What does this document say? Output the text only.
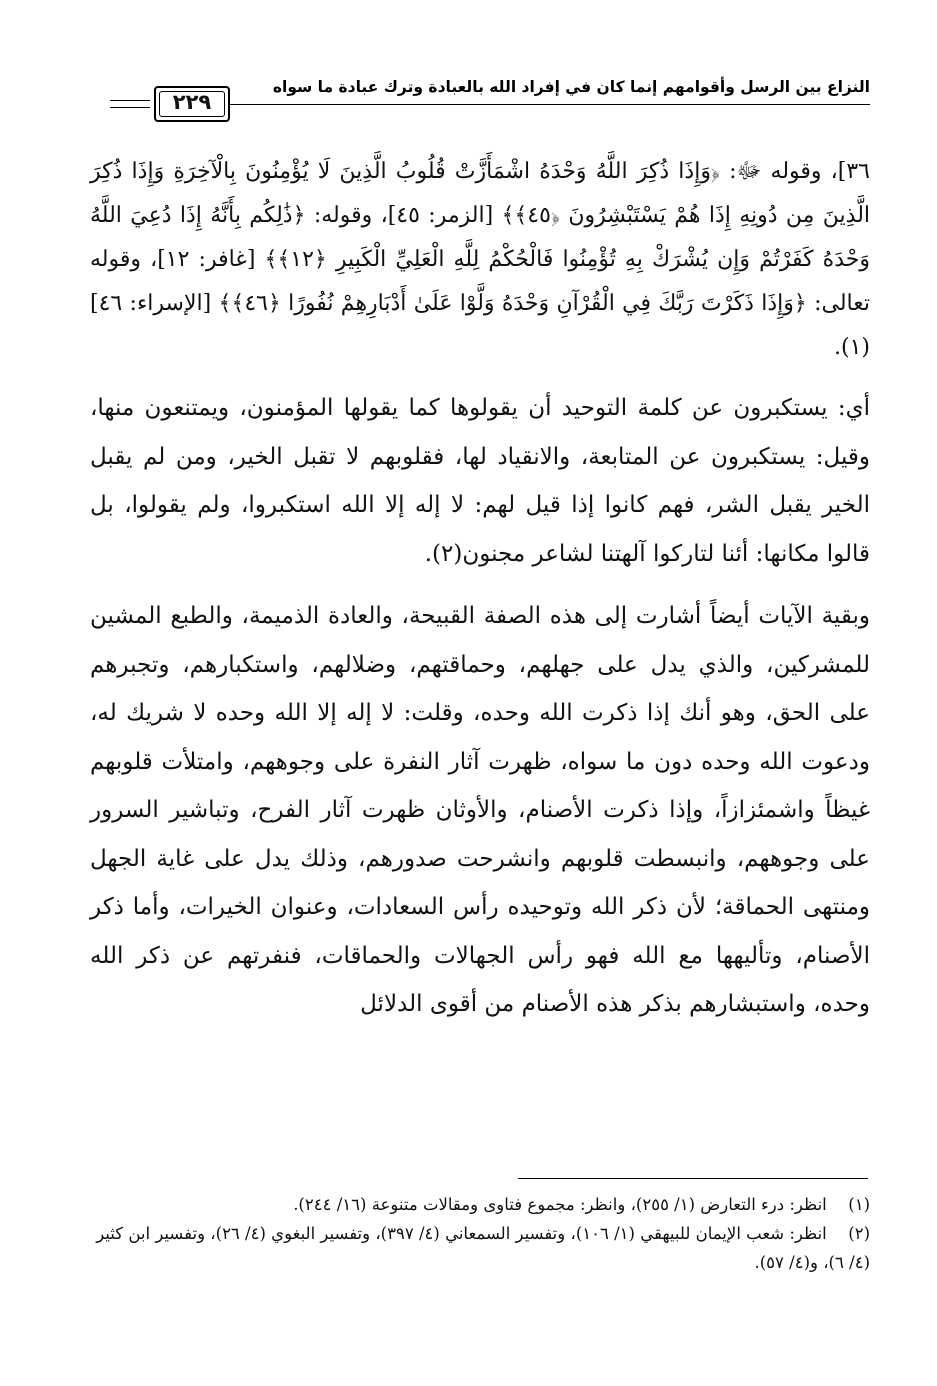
النزاع بين الرسل وأقوامهم إنما كان في إفراد الله بالعبادة وترك عبادة ما سواه
٢٢٩

٣٦]، وقوله ﷻ: ﴿وَإِذَا ذُكِرَ اللَّهُ وَحْدَهُ اشْمَأَزَّتْ قُلُوبُ الَّذِينَ لَا يُؤْمِنُونَ بِالْآخِرَةِ وَإِذَا ذُكِرَ الَّذِينَ مِن دُونِهِ إِذَا هُمْ يَسْتَبْشِرُونَ ﴿٤٥﴾﴾ [الزمر: ٤٥]، وقوله: ﴿ذَٰلِكُم بِأَنَّهُ إِذَا دُعِيَ اللَّهُ وَحْدَهُ كَفَرْتُمْ وَإِن يُشْرَكْ بِهِ تُؤْمِنُوا فَالْحُكْمُ لِلَّهِ الْعَلِيِّ الْكَبِيرِ ﴿١٢﴾﴾ [غافر: ١٢]، وقوله تعالى: ﴿وَإِذَا ذَكَرْتَ رَبَّكَ فِي الْقُرْآنِ وَحْدَهُ وَلَّوْا عَلَىٰ أَدْبَارِهِمْ نُفُورًا ﴿٤٦﴾﴾ [الإسراء: ٤٦](١).

أي: يستكبرون عن كلمة التوحيد أن يقولوها كما يقولها المؤمنون، ويمتنعون منها، وقيل: يستكبرون عن المتابعة، والانقياد لها، فقلوبهم لا تقبل الخير، ومن لم يقبل الخير يقبل الشر، فهم كانوا إذا قيل لهم: لا إله إلا الله استكبروا، ولم يقولوا، بل قالوا مكانها: أئنا لتاركوا آلهتنا لشاعر مجنون(٢).

وبقية الآيات أيضاً أشارت إلى هذه الصفة القبيحة، والعادة الذميمة، والطبع المشين للمشركين، والذي يدل على جهلهم، وحماقتهم، وضلالهم، واستكبارهم، وتجبرهم على الحق، وهو أنك إذا ذكرت الله وحده، وقلت: لا إله إلا الله وحده لا شريك له، ودعوت الله وحده دون ما سواه، ظهرت آثار النفرة على وجوههم، وامتلأت قلوبهم غيظاً واشمئزازاً، وإذا ذكرت الأصنام، والأوثان ظهرت آثار الفرح، وتباشير السرور على وجوههم، وانبسطت قلوبهم وانشرحت صدورهم، وذلك يدل على غاية الجهل ومنتهى الحماقة؛ لأن ذكر الله وتوحيده رأس السعادات، وعنوان الخيرات، وأما ذكر الأصنام، وتأليهها مع الله فهو رأس الجهالات والحماقات، فنفرتهم عن ذكر الله وحده، واستبشارهم بذكر هذه الأصنام من أقوى الدلائل

(١) انظر: درء التعارض (١/ ٢٥٥)، وانظر: مجموع فتاوى ومقالات متنوعة (١٦/ ٢٤٤).

(٢) انظر: شعب الإيمان للبيهقي (١/ ١٠٦)، وتفسير السمعاني (٤/ ٣٩٧)، وتفسير البغوي (٤/ ٢٦)، وتفسير ابن كثير (٤/ ٦)، و(٤/ ٥٧).
